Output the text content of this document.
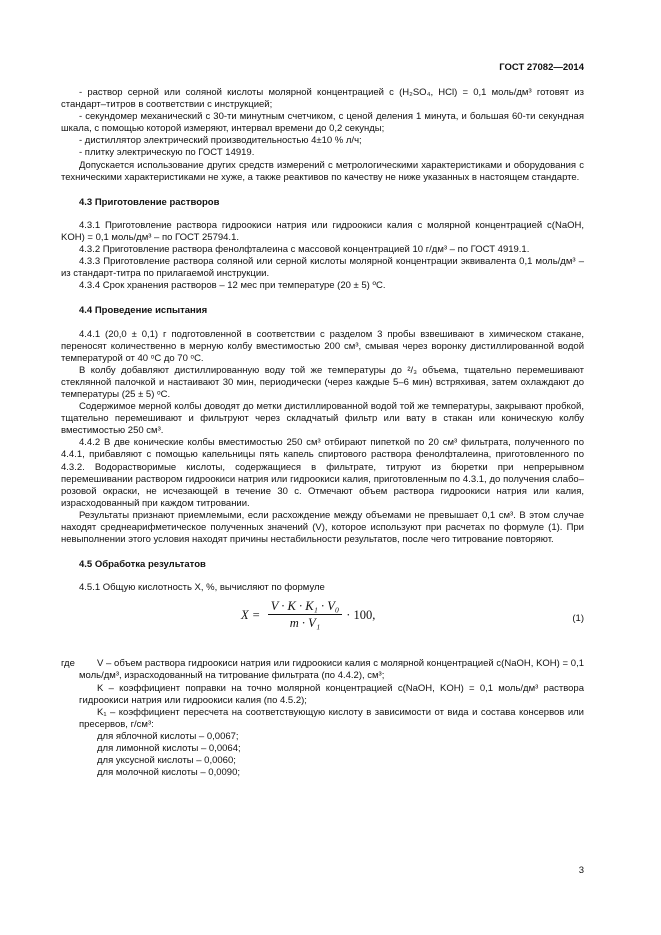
ГОСТ 27082—2014

- раствор серной или соляной кислоты молярной концентрацией c (H₂SO₄, HCl) = 0,1 моль/дм³ готовят из стандарт–титров в соответствии с инструкцией;

- секундомер механический с 30-ти минутным счетчиком, с ценой деления 1 минута, и большая 60-ти секундная шкала, с помощью которой измеряют, интервал времени до 0,2 секунды;

- дистиллятор электрический производительностью 4±10 % л/ч;

- плитку электрическую по ГОСТ 14919.

Допускается использование других средств измерений с метрологическими характеристиками и оборудования с техническими характеристиками не хуже, а также реактивов по качеству не ниже указанных в настоящем стандарте.

4.3 Приготовление растворов

4.3.1 Приготовление раствора гидроокиси натрия или гидроокиси калия с молярной концентрацией c(NaOH, KOH) = 0,1 моль/дм³ – по ГОСТ 25794.1.

4.3.2 Приготовление раствора фенолфталеина с массовой концентрацией 10 г/дм³ – по ГОСТ 4919.1.

4.3.3 Приготовление раствора соляной или серной кислоты молярной концентрации эквивалента 0,1 моль/дм³ – из стандарт-титра по прилагаемой инструкции.

4.3.4 Срок хранения растворов – 12 мес при температуре (20 ± 5) ºС.

4.4 Проведение испытания

4.4.1 (20,0 ± 0,1) г подготовленной в соответствии с разделом 3 пробы взвешивают в химическом стакане, переносят количественно в мерную колбу вместимостью 200 см³, смывая через воронку дистиллированной водой температурой от 40 ᵒС до 70 ᵒС.

В колбу добавляют дистиллированную воду той же температуры до ²/₃ объема, тщательно перемешивают стеклянной палочкой и настаивают 30 мин, периодически (через каждые 5–6 мин) встряхивая, затем охлаждают до температуры (25 ± 5) ᵒС.

Содержимое мерной колбы доводят до метки дистиллированной водой той же температуры, закрывают пробкой, тщательно перемешивают и фильтруют через складчатый фильтр или вату в стакан или коническую колбу вместимостью 250 см³.

4.4.2 В две конические колбы вместимостью 250 см³ отбирают пипеткой по 20 см³ фильтрата, полученного по 4.4.1, прибавляют с помощью капельницы пять капель спиртового раствора фенолфталеина, приготовленного по 4.3.2. Водорастворимые кислоты, содержащиеся в фильтрате, титруют из бюретки при непрерывном перемешивании раствором гидроокиси натрия или гидроокиси калия, приготовленным по 4.3.1, до получения слабо–розовой окраски, не исчезающей в течение 30 с. Отмечают объем раствора гидроокиси натрия или калия, израсходованный при каждом титровании.

Результаты признают приемлемыми, если расхождение между объемами не превышает 0,1 см³. В этом случае находят среднеарифметическое полученных значений (V), которое используют при расчетах по формуле (1). При невыполнении этого условия находят причины нестабильности результатов, после чего титрование повторяют.

4.5 Обработка результатов

4.5.1 Общую кислотность X, %, вычисляют по формуле

$X = \frac{\text{V · K · K₁ · V₀}}{\text{m · V₁}} \cdot 100$,	(1)
где	V – объем раствора гидроокиси натрия или гидроокиси калия с молярной концентрацией c(NaOH, KOH) = 0,1 моль/дм³, израсходованный на титрование фильтрата (по 4.4.2), см³;

K – коэффициент поправки на точно молярной концентрацией c(NaOH, KOH) = 0,1 моль/дм³ раствора гидроокиси натрия или гидроокиси калия (по 4.5.2);

K₁ – коэффициент пересчета на соответствующую кислоту в зависимости от вида и состава консервов или пресервов, г/см³:

для яблочной кислоты – 0,0067;

для лимонной кислоты – 0,0064;

для уксусной кислоты – 0,0060;

для молочной кислоты – 0,0090;

3
